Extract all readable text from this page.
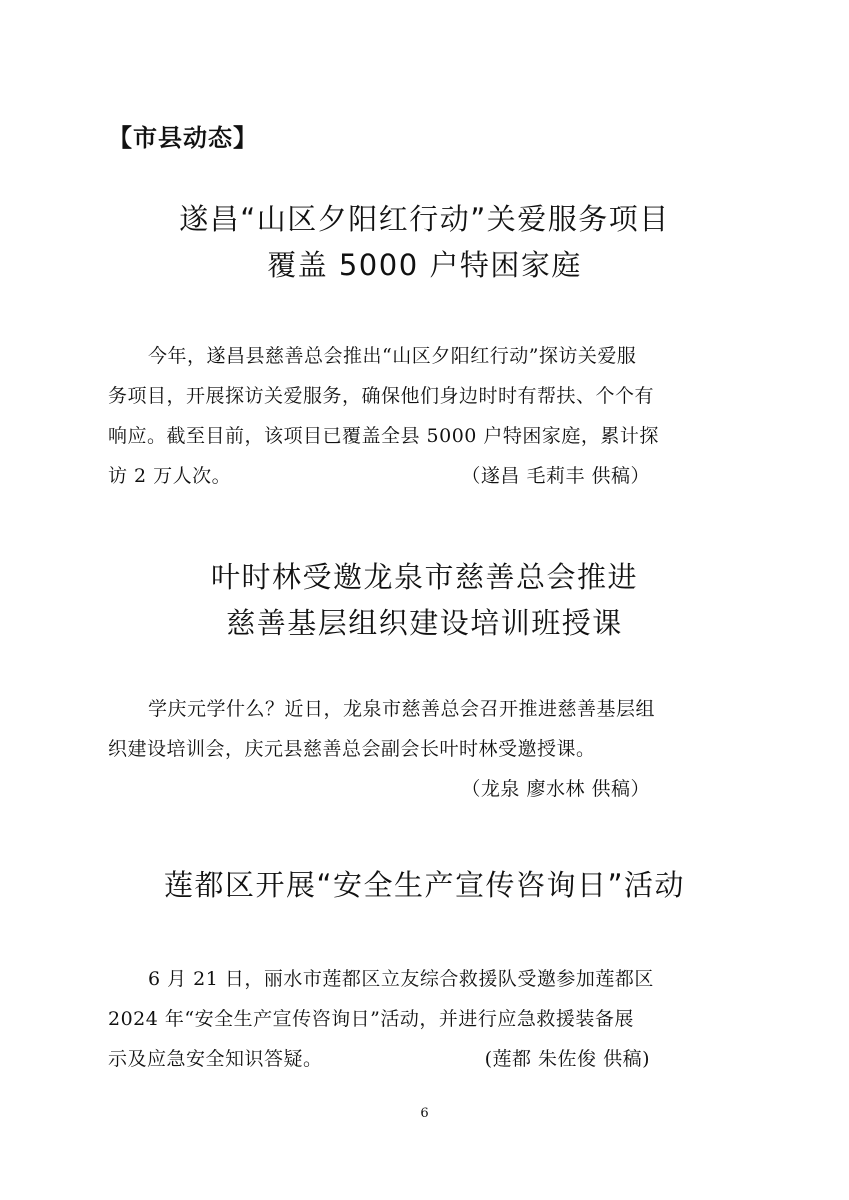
【市县动态】
遂昌“山区夕阳红行动”关爱服务项目
覆盖 5000 户特困家庭
今年，遂昌县慈善总会推出“山区夕阳红行动”探访关爱服
务项目，开展探访关爱服务，确保他们身边时时有帮扶、个个有
响应。截至目前，该项目已覆盖全县 5000 户特困家庭，累计探
访 2 万人次。	（遂昌 毛莉丰 供稿）
叶时林受邀龙泉市慈善总会推进
慈善基层组织建设培训班授课
学庆元学什么？近日，龙泉市慈善总会召开推进慈善基层组
织建设培训会，庆元县慈善总会副会长叶时林受邀授课。
（龙泉 廖水林 供稿）
莲都区开展“安全生产宣传咨询日”活动
6 月 21 日，丽水市莲都区立友综合救援队受邀参加莲都区
2024 年“安全生产宣传咨询日”活动，并进行应急救援装备展
示及应急安全知识答疑。	(莲都 朱佐俊 供稿)
6
